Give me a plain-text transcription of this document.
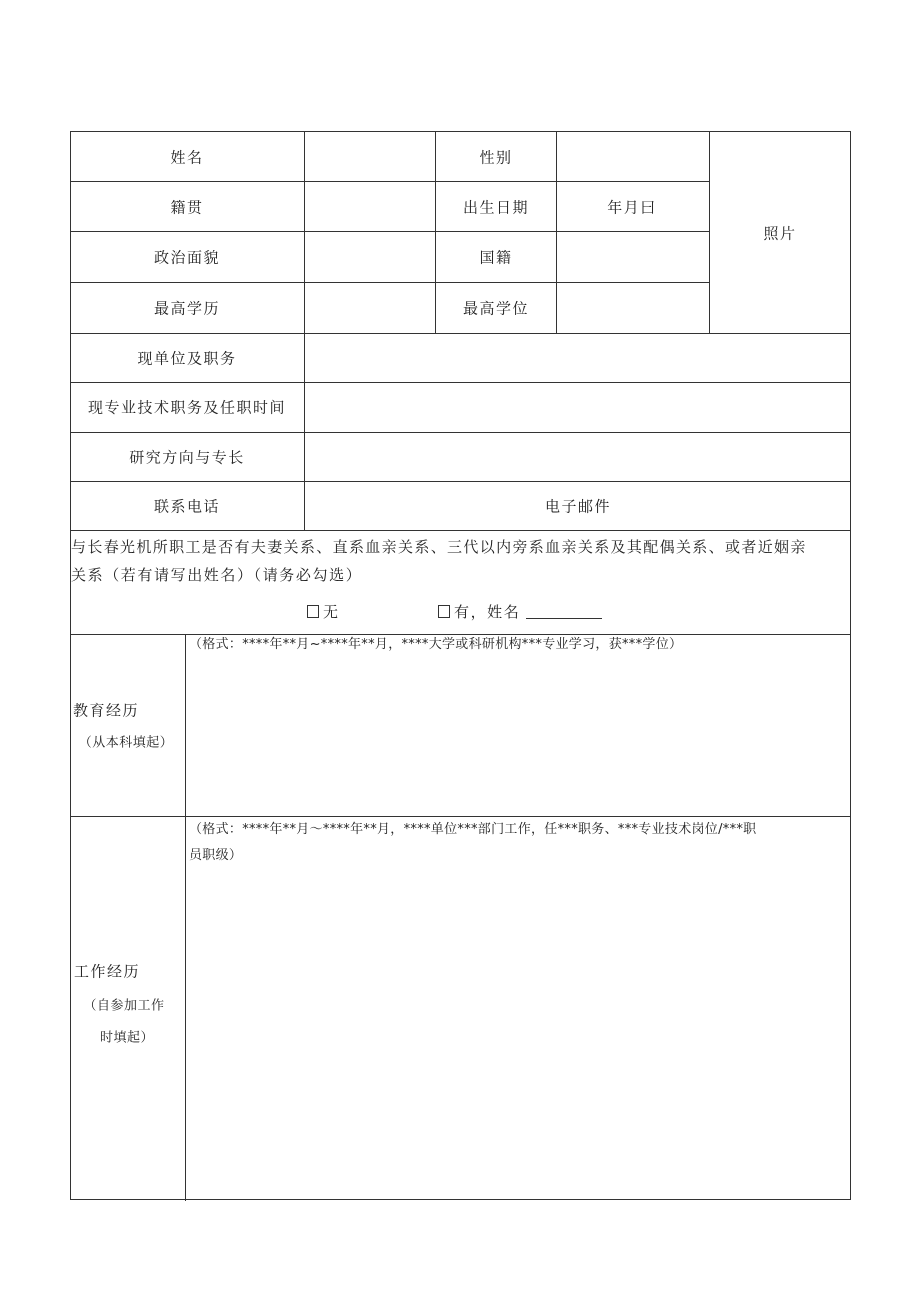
姓名	性别
照片
籍贯	出生日期	年月曰
政治面貌	国籍
最高学历	最高学位
现单位及职务
现专业技术职务及任职时间
研究方向与专长
联系电话	电子邮件
与长春光机所职工是否有夫妻关系、直系血亲关系、三代以内旁系血亲关系及其配偶关系、或者近姻亲
关系（若有请写出姓名）（请务必勾选）
无	有，姓名
教育经历
（从本科填起）
（格式：****年**月~****年**月，****大学或科研机构***专业学习，获***学位）
工作经历
（自参加工作
时填起）
（格式：****年**月～****年**月，****单位***部门工作，任***职务、***专业技术岗位/***职
员职级）
